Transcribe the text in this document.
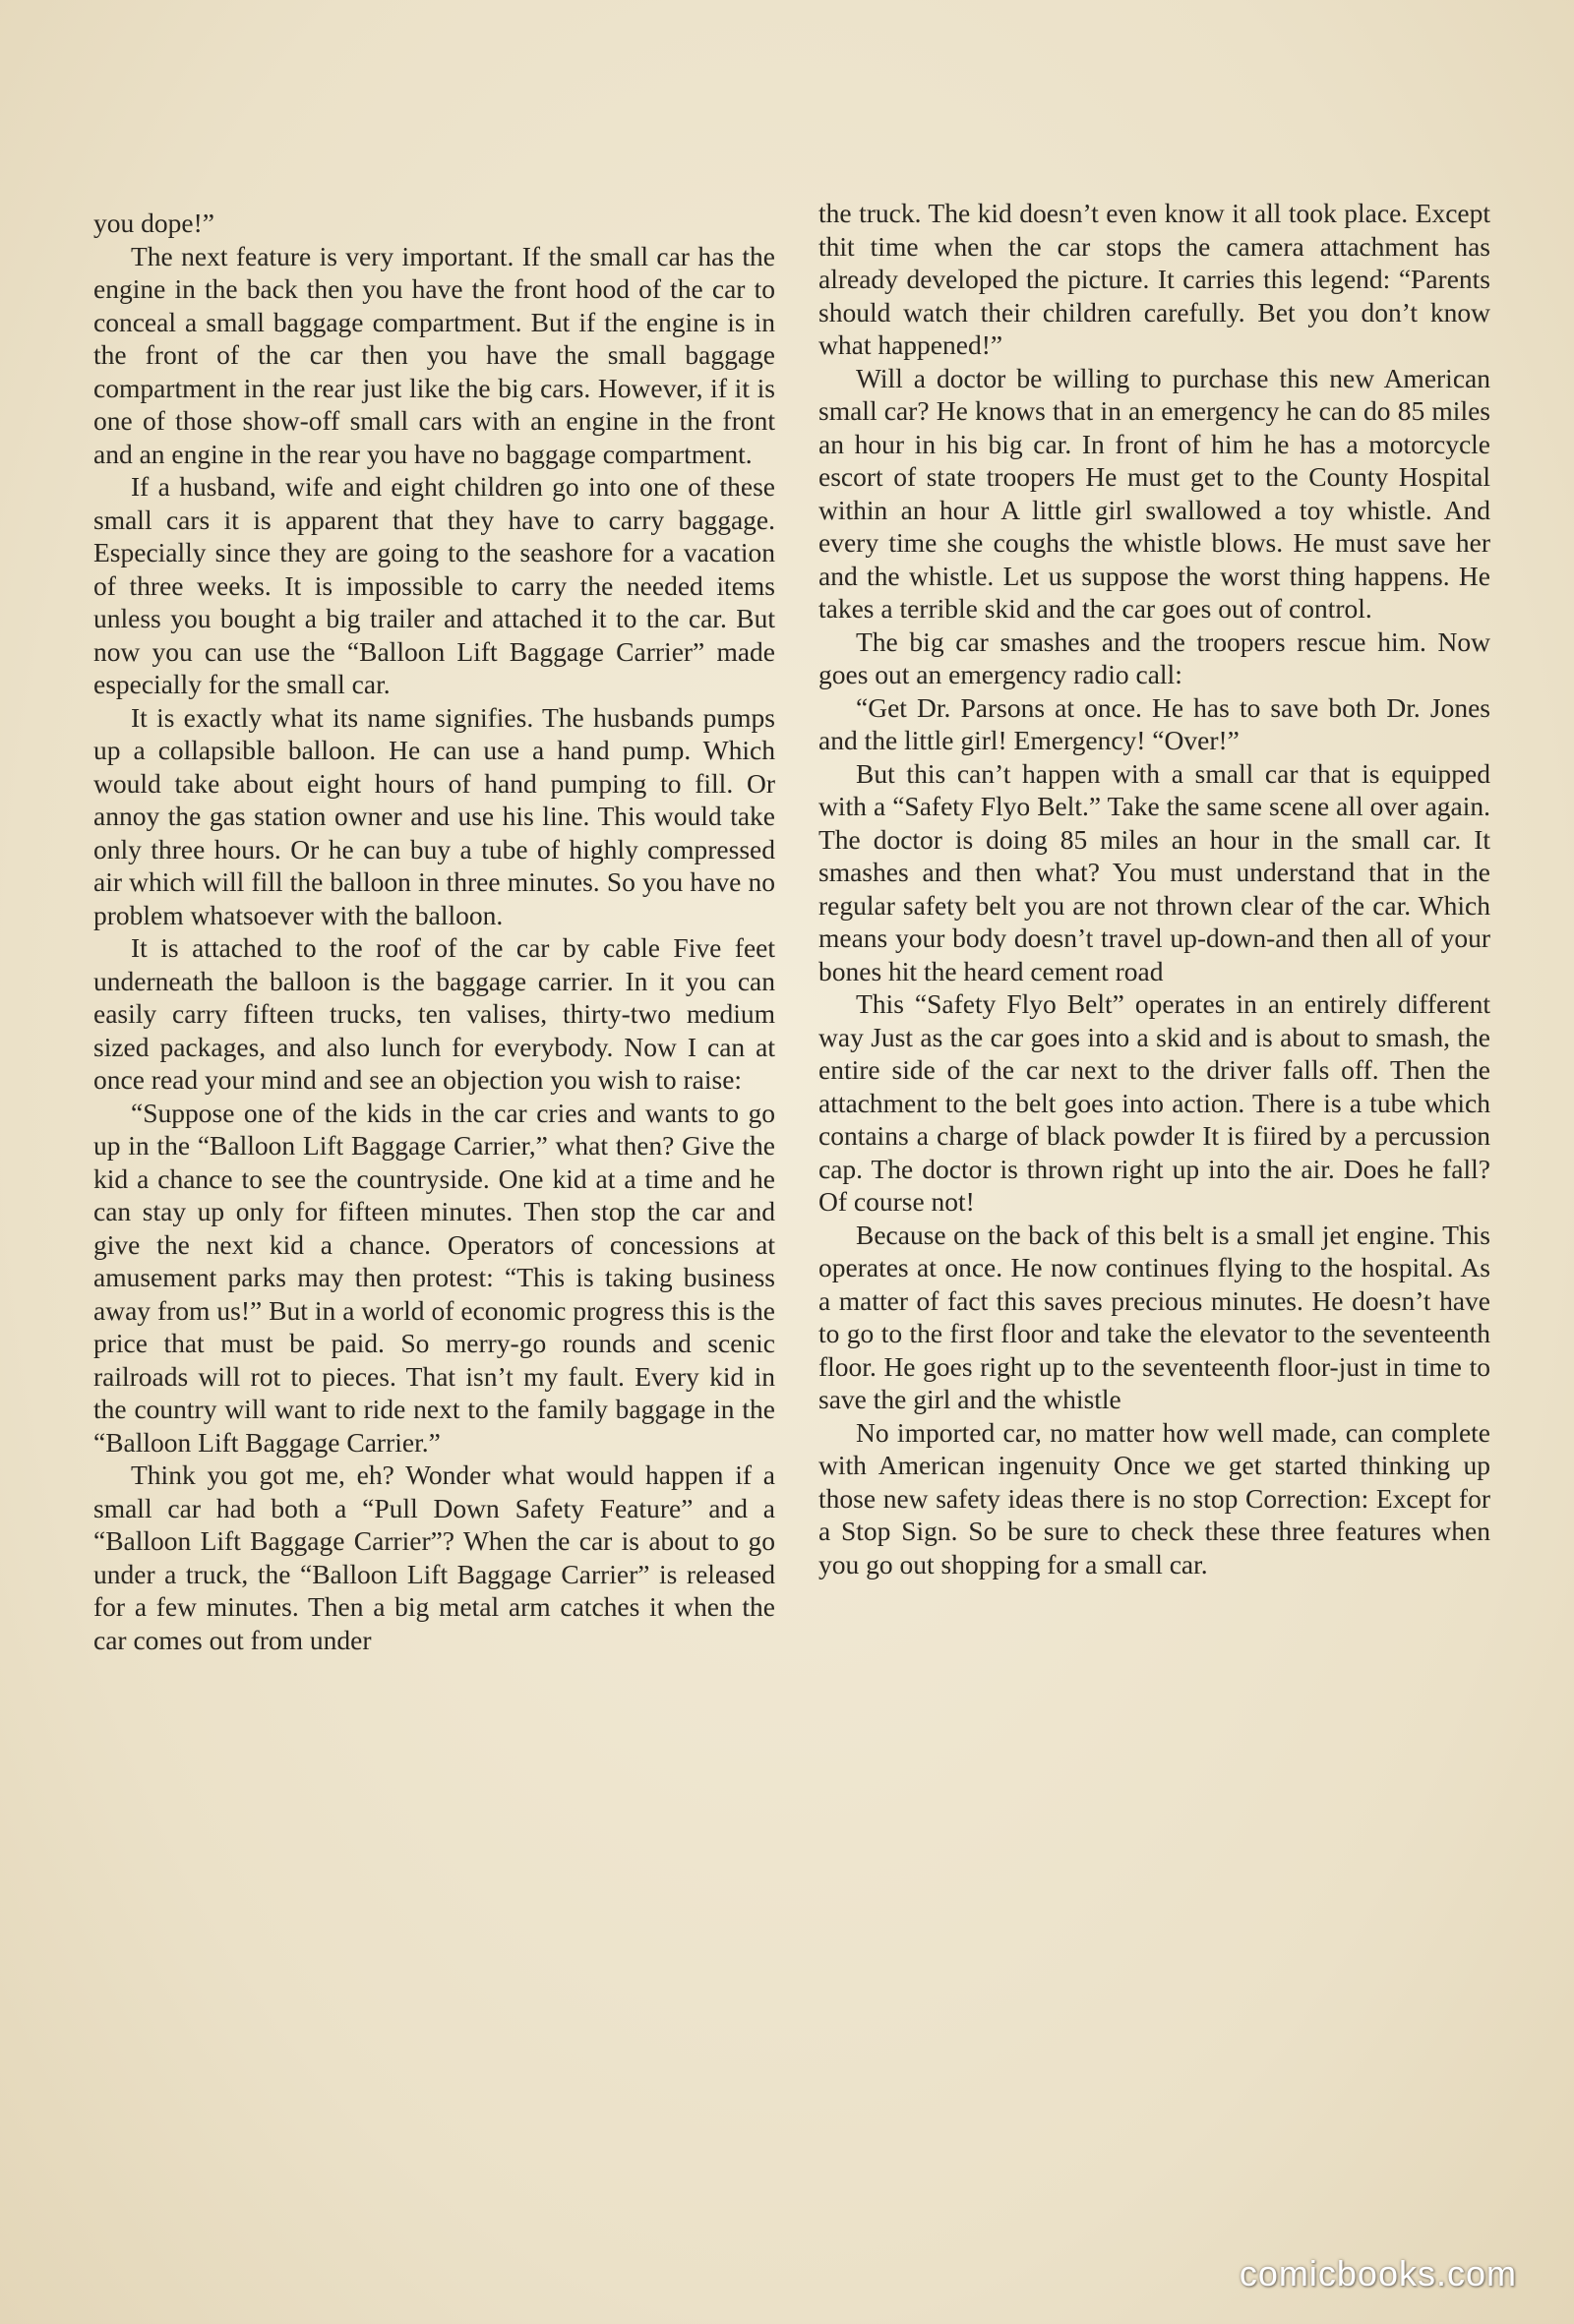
you dope!”

The next feature is very important. If the small car has the engine in the back then you have the front hood of the car to conceal a small baggage compartment. But if the engine is in the front of the car then you have the small baggage compartment in the rear just like the big cars. However, if it is one of those show-off small cars with an engine in the front and an engine in the rear you have no baggage compartment.

If a husband, wife and eight children go into one of these small cars it is apparent that they have to carry baggage. Especially since they are going to the seashore for a vacation of three weeks. It is impossible to carry the needed items unless you bought a big trailer and attached it to the car. But now you can use the “Balloon Lift Baggage Carrier” made especially for the small car.

It is exactly what its name signifies. The husbands pumps up a collapsible balloon. He can use a hand pump. Which would take about eight hours of hand pumping to fill. Or annoy the gas station owner and use his line. This would take only three hours. Or he can buy a tube of highly compressed air which will fill the balloon in three minutes. So you have no problem whatsoever with the balloon.

It is attached to the roof of the car by cable Five feet underneath the balloon is the baggage carrier. In it you can easily carry fifteen trucks, ten valises, thirty-two medium sized packages, and also lunch for everybody. Now I can at once read your mind and see an objection you wish to raise:

“Suppose one of the kids in the car cries and wants to go up in the “Balloon Lift Baggage Carrier,” what then? Give the kid a chance to see the countryside. One kid at a time and he can stay up only for fifteen minutes. Then stop the car and give the next kid a chance. Operators of concessions at amusement parks may then protest: “This is taking business away from us!” But in a world of economic progress this is the price that must be paid. So merry-go rounds and scenic railroads will rot to pieces. That isn’t my fault. Every kid in the country will want to ride next to the family baggage in the “Balloon Lift Baggage Carrier.”

Think you got me, eh? Wonder what would happen if a small car had both a “Pull Down Safety Feature” and a “Balloon Lift Baggage Carrier”? When the car is about to go under a truck, the “Balloon Lift Baggage Carrier” is released for a few minutes. Then a big metal arm catches it when the car comes out from under

the truck. The kid doesn’t even know it all took place. Except thit time when the car stops the camera attachment has already developed the picture. It carries this legend: “Parents should watch their children carefully. Bet you don’t know what happened!”

Will a doctor be willing to purchase this new American small car? He knows that in an emergency he can do 85 miles an hour in his big car. In front of him he has a motorcycle escort of state troopers He must get to the County Hospital within an hour A little girl swallowed a toy whistle. And every time she coughs the whistle blows. He must save her and the whistle. Let us suppose the worst thing happens. He takes a terrible skid and the car goes out of control.

The big car smashes and the troopers rescue him. Now goes out an emergency radio call:

“Get Dr. Parsons at once. He has to save both Dr. Jones and the little girl! Emergency! “Over!”

But this can’t happen with a small car that is equipped with a “Safety Flyo Belt.” Take the same scene all over again. The doctor is doing 85 miles an hour in the small car. It smashes and then what? You must understand that in the regular safety belt you are not thrown clear of the car. Which means your body doesn’t travel up-down-and then all of your bones hit the heard cement road

This “Safety Flyo Belt” operates in an entirely different way Just as the car goes into a skid and is about to smash, the entire side of the car next to the driver falls off. Then the attachment to the belt goes into action. There is a tube which contains a charge of black powder It is fiired by a percussion cap. The doctor is thrown right up into the air. Does he fall? Of course not!

Because on the back of this belt is a small jet engine. This operates at once. He now continues flying to the hospital. As a matter of fact this saves precious minutes. He doesn’t have to go to the first floor and take the elevator to the seventeenth floor. He goes right up to the seventeenth floor-just in time to save the girl and the whistle

No imported car, no matter how well made, can complete with American ingenuity Once we get started thinking up those new safety ideas there is no stop Correction: Except for a Stop Sign. So be sure to check these three features when you go out shopping for a small car.

comicbooks.com
